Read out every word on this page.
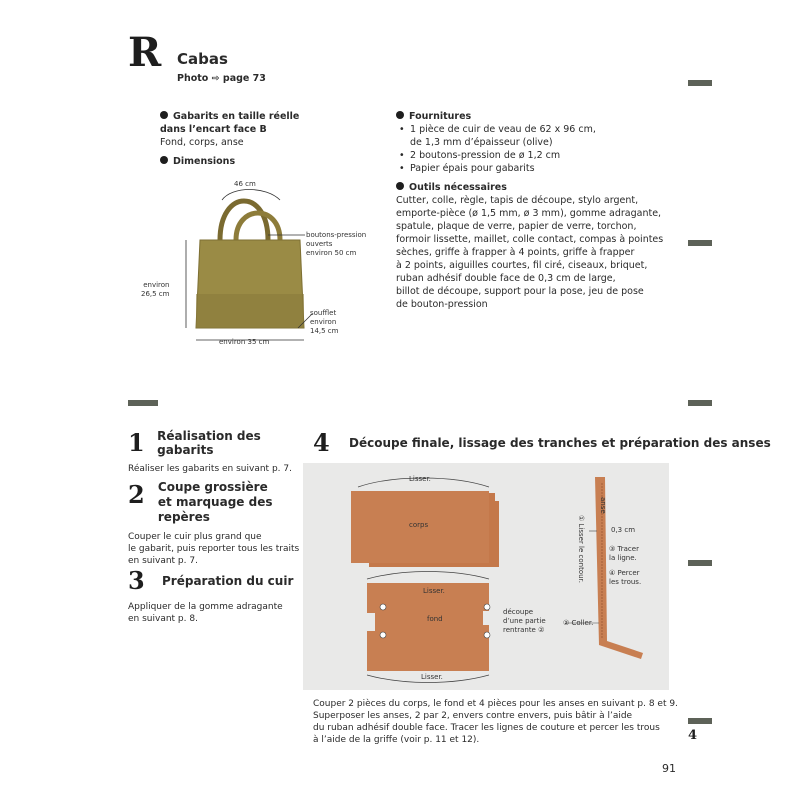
R Cabas
Photo ⇨ page 73
4
Gabarits en taille réelle
dans l’encart face B
Fond, corps, anse
Dimensions
46 cm
boutons-pression
ouverts
environ 50 cm
environ
26,5 cm
soufflet
environ
14,5 cm
environ 35 cm
Fournitures
• 1 pièce de cuir de veau de 62 x 96 cm,
de 1,3 mm d’épaisseur (olive)
• 2 boutons-pression de ø 1,2 cm
• Papier épais pour gabarits
Outils nécessaires
Cutter, colle, règle, tapis de découpe, stylo argent,
emporte-pièce (ø 1,5 mm, ø 3 mm), gomme adragante,
spatule, plaque de verre, papier de verre, torchon,
formoir lissette, maillet, colle contact, compas à pointes
sèches, griffe à frapper à 4 points, griffe à frapper
à 2 points, aiguilles courtes, fil ciré, ciseaux, briquet,
ruban adhésif double face de 0,3 cm de large,
billot de découpe, support pour la pose, jeu de pose
de bouton-pression
1	Réalisation des gabarits
Réaliser les gabarits en suivant p. 7.
2	Coupe grossière
et marquage des repères
Couper le cuir plus grand que
le gabarit, puis reporter tous les traits
en suivant p. 7.
3	Préparation du cuir
Appliquer de la gomme adragante
en suivant p. 8.
4	Découpe finale, lissage des tranches et préparation des anses
Lisser.
corps
Lisser.
fond
Lisser.
découpe
d’une partie
rentrante ②
anse
① Lisser le contour.	0,3 cm
③ Tracer
la ligne.
④ Percer
les trous.
② Coller.
Couper 2 pièces du corps, le fond et 4 pièces pour les anses en suivant p. 8 et 9.
Superposer les anses, 2 par 2, envers contre envers, puis bâtir à l’aide
du ruban adhésif double face. Tracer les lignes de couture et percer les trous
à l’aide de la griffe (voir p. 11 et 12).
91
